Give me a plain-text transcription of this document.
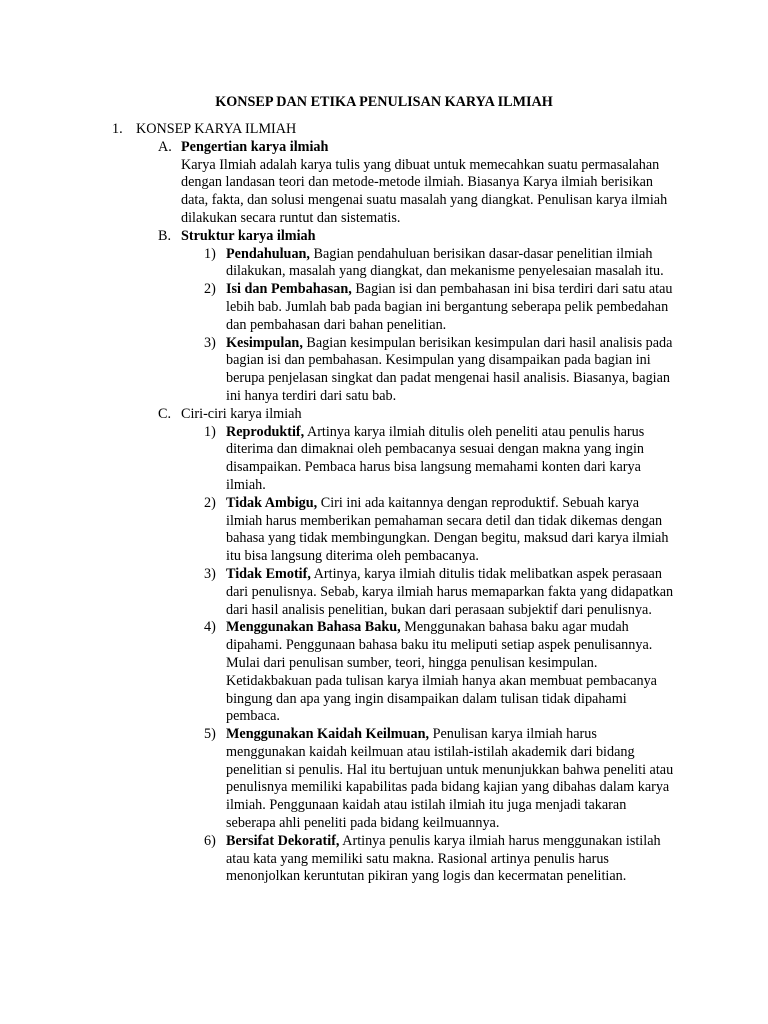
KONSEP DAN ETIKA PENULISAN KARYA ILMIAH
1. KONSEP KARYA ILMIAH
A. Pengertian karya ilmiah
Karya Ilmiah adalah karya tulis yang dibuat untuk memecahkan suatu permasalahan dengan landasan teori dan metode-metode ilmiah. Biasanya Karya ilmiah berisikan data, fakta, dan solusi mengenai suatu masalah yang diangkat. Penulisan karya ilmiah dilakukan secara runtut dan sistematis.
B. Struktur karya ilmiah
1) Pendahuluan, Bagian pendahuluan berisikan dasar-dasar penelitian ilmiah dilakukan, masalah yang diangkat, dan mekanisme penyelesaian masalah itu.
2) Isi dan Pembahasan, Bagian isi dan pembahasan ini bisa terdiri dari satu atau lebih bab. Jumlah bab pada bagian ini bergantung seberapa pelik pembedahan dan pembahasan dari bahan penelitian.
3) Kesimpulan, Bagian kesimpulan berisikan kesimpulan dari hasil analisis pada bagian isi dan pembahasan. Kesimpulan yang disampaikan pada bagian ini berupa penjelasan singkat dan padat mengenai hasil analisis. Biasanya, bagian ini hanya terdiri dari satu bab.
C. Ciri-ciri karya ilmiah
1) Reproduktif, Artinya karya ilmiah ditulis oleh peneliti atau penulis harus diterima dan dimaknai oleh pembacanya sesuai dengan makna yang ingin disampaikan. Pembaca harus bisa langsung memahami konten dari karya ilmiah.
2) Tidak Ambigu, Ciri ini ada kaitannya dengan reproduktif. Sebuah karya ilmiah harus memberikan pemahaman secara detil dan tidak dikemas dengan bahasa yang tidak membingungkan. Dengan begitu, maksud dari karya ilmiah itu bisa langsung diterima oleh pembacanya.
3) Tidak Emotif, Artinya, karya ilmiah ditulis tidak melibatkan aspek perasaan dari penulisnya. Sebab, karya ilmiah harus memaparkan fakta yang didapatkan dari hasil analisis penelitian, bukan dari perasaan subjektif dari penulisnya.
4) Menggunakan Bahasa Baku, Menggunakan bahasa baku agar mudah dipahami. Penggunaan bahasa baku itu meliputi setiap aspek penulisannya. Mulai dari penulisan sumber, teori, hingga penulisan kesimpulan. Ketidakbakuan pada tulisan karya ilmiah hanya akan membuat pembacanya bingung dan apa yang ingin disampaikan dalam tulisan tidak dipahami pembaca.
5) Menggunakan Kaidah Keilmuan, Penulisan karya ilmiah harus menggunakan kaidah keilmuan atau istilah-istilah akademik dari bidang penelitian si penulis. Hal itu bertujuan untuk menunjukkan bahwa peneliti atau penulisnya memiliki kapabilitas pada bidang kajian yang dibahas dalam karya ilmiah. Penggunaan kaidah atau istilah ilmiah itu juga menjadi takaran seberapa ahli peneliti pada bidang keilmuannya.
6) Bersifat Dekoratif, Artinya penulis karya ilmiah harus menggunakan istilah atau kata yang memiliki satu makna. Rasional artinya penulis harus menonjolkan keruntutan pikiran yang logis dan kecermatan penelitian.
